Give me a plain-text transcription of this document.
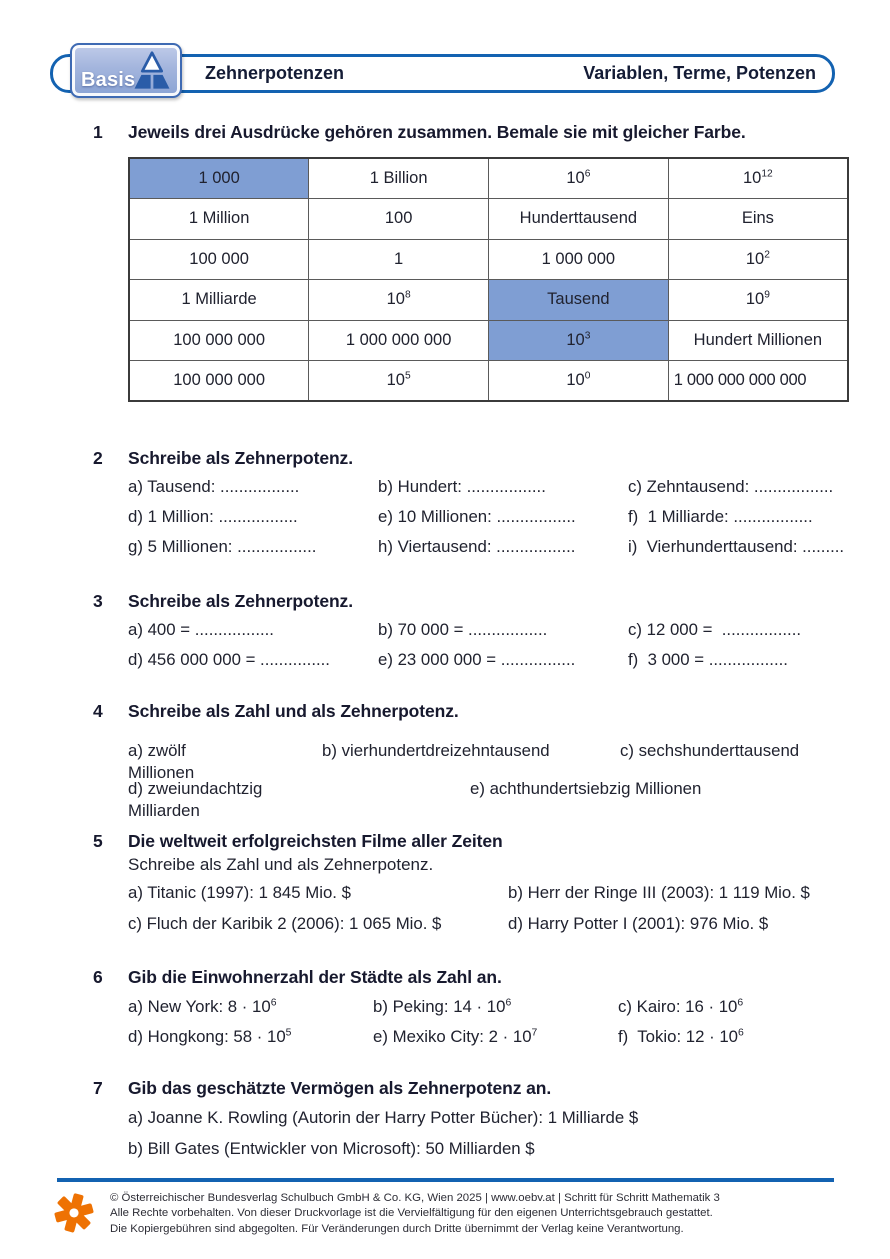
Zehnerpotenzen	Variablen, Terme, Potenzen
Basis
1 Jeweils drei Ausdrücke gehören zusammen. Bemale sie mit gleicher Farbe.
1 000	1 Billion	$10^6$	$10^{12}$
1 Million	100	Hunderttausend	Eins
100 000	1	1 000 000	$10^2$
1 Milliarde	$10^8$	Tausend	$10^9$
100 000 000	1 000 000 000	$10^3$	Hundert Millionen
100 000 000	$10^5$	$10^0$	1 000 000 000 000
2 Schreibe als Zehnerpotenz.
a) Tausend: .................	b) Hundert: .................	c) Zehntausend: .................
d) 1 Million: .................	e) 10 Millionen: .................	f)  1 Milliarde: .................
g) 5 Millionen: .................	h) Viertausend: .................	i)  Vierhunderttausend: .........
3 Schreibe als Zehnerpotenz.
a) 400 = .................	b) 70 000 = .................	c) 12 000 =  .................
d) 456 000 000 = ...............	e) 23 000 000 = ................	f)  3 000 = .................
4 Schreibe als Zahl und als Zehnerpotenz.
a) zwölf	b) vierhundertdreizehntausend	c) sechshunderttausend
Millionen
d) zweiundachtzig	e) achthundertsiebzig Millionen
Milliarden
5 Die weltweit erfolgreichsten Filme aller Zeiten
Schreibe als Zahl und als Zehnerpotenz.
a) Titanic (1997): 1 845 Mio. $	b) Herr der Ringe III (2003): 1 119 Mio. $
c) Fluch der Karibik 2 (2006): 1 065 Mio. $	d) Harry Potter I (2001): 976 Mio. $
6 Gib die Einwohnerzahl der Städte als Zahl an.
a) New York: $8 \cdot 10^6$	b) Peking: $14 \cdot 10^6$	c) Kairo: $16 \cdot 10^6$
d) Hongkong: $58 \cdot 10^5$	e) Mexiko City: $2 \cdot 10^7$	f)  Tokio: $12 \cdot 10^6$
7 Gib das geschätzte Vermögen als Zehnerpotenz an.
a) Joanne K. Rowling (Autorin der Harry Potter Bücher): 1 Milliarde $
b) Bill Gates (Entwickler von Microsoft): 50 Milliarden $
© Österreichischer Bundesverlag Schulbuch GmbH & Co. KG, Wien 2025 | www.oebv.at | Schritt für Schritt Mathematik 3
Alle Rechte vorbehalten. Von dieser Druckvorlage ist die Vervielfältigung für den eigenen Unterrichtsgebrauch gestattet.
Die Kopiergebühren sind abgegolten. Für Veränderungen durch Dritte übernimmt der Verlag keine Verantwortung.
